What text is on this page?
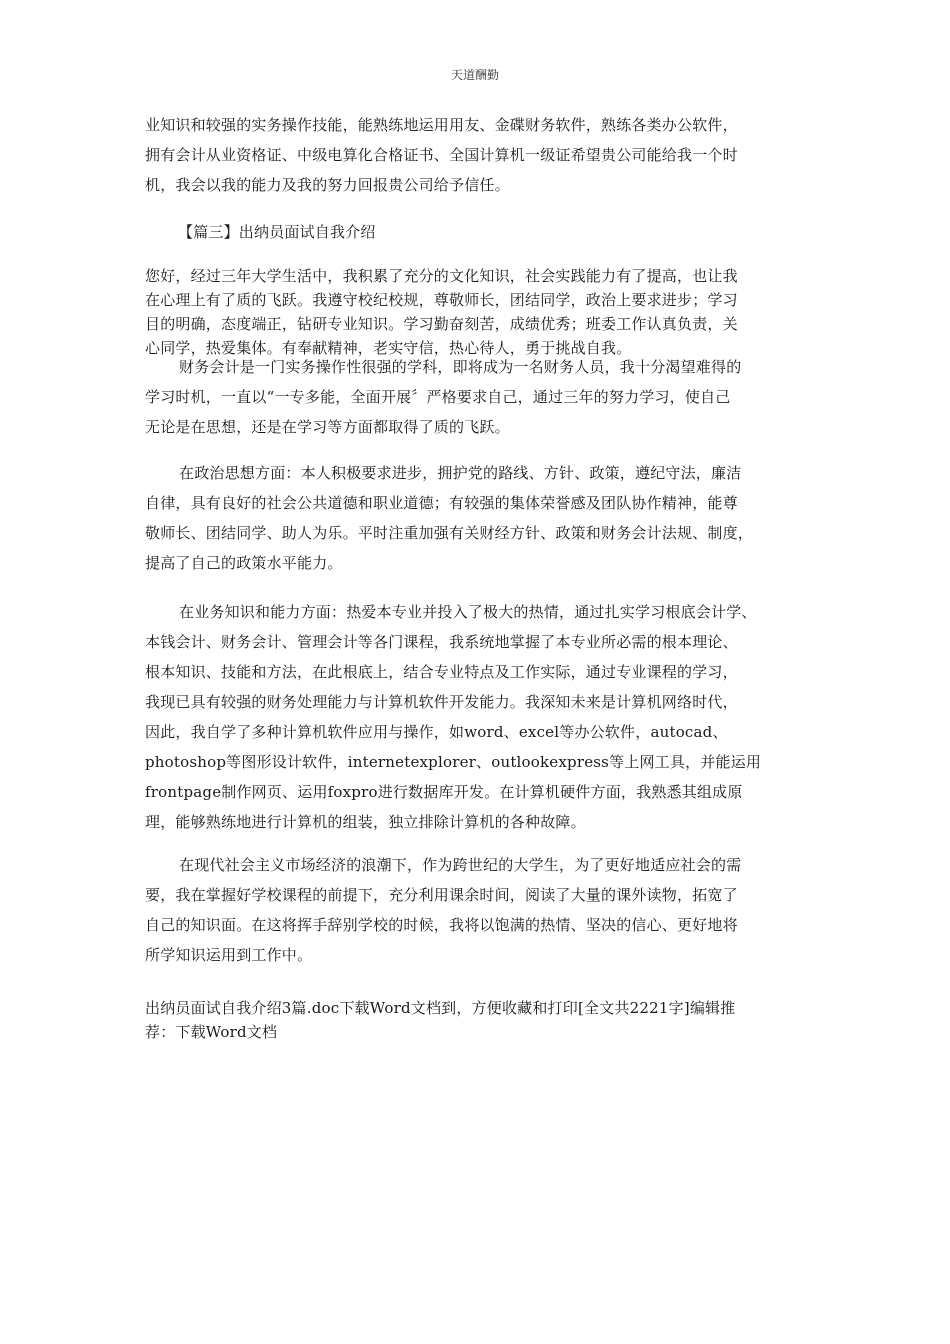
天道酬勤
业知识和较强的实务操作技能，能熟练地运用用友、金碟财务软件，熟练各类办公软件，
拥有会计从业资格证、中级电算化合格证书、全国计算机一级证希望贵公司能给我一个时
机，我会以我的能力及我的努力回报贵公司给予信任。
【篇三】出纳员面试自我介绍
您好，经过三年大学生活中，我积累了充分的文化知识，社会实践能力有了提高，也让我
在心理上有了质的飞跃。我遵守校纪校规，尊敬师长，团结同学，政治上要求进步；学习
目的明确，态度端正，钻研专业知识。学习勤奋刻苦，成绩优秀；班委工作认真负责，关
心同学，热爱集体。有奉献精神，老实守信，热心待人，勇于挑战自我。
财务会计是一门实务操作性很强的学科，即将成为一名财务人员，我十分渴望难得的
学习时机，一直以“一专多能，全面开展〞严格要求自己，通过三年的努力学习，使自己
无论是在思想，还是在学习等方面都取得了质的飞跃。
在政治思想方面：本人积极要求进步，拥护党的路线、方针、政策，遵纪守法，廉洁
自律，具有良好的社会公共道德和职业道德；有较强的集体荣誉感及团队协作精神，能尊
敬师长、团结同学、助人为乐。平时注重加强有关财经方针、政策和财务会计法规、制度，
提高了自己的政策水平能力。
在业务知识和能力方面：热爱本专业并投入了极大的热情，通过扎实学习根底会计学、
本钱会计、财务会计、管理会计等各门课程，我系统地掌握了本专业所必需的根本理论、
根本知识、技能和方法，在此根底上，结合专业特点及工作实际，通过专业课程的学习，
我现已具有较强的财务处理能力与计算机软件开发能力。我深知未来是计算机网络时代，
因此，我自学了多种计算机软件应用与操作，如word、excel等办公软件，autocad、
photoshop等图形设计软件，internetexplorer、outlookexpress等上网工具，并能运用
frontpage制作网页、运用foxpro进行数据库开发。在计算机硬件方面，我熟悉其组成原
理，能够熟练地进行计算机的组装，独立排除计算机的各种故障。
在现代社会主义市场经济的浪潮下，作为跨世纪的大学生，为了更好地适应社会的需
要，我在掌握好学校课程的前提下，充分利用课余时间，阅读了大量的课外读物，拓宽了
自己的知识面。在这将挥手辞别学校的时候，我将以饱满的热情、坚决的信心、更好地将
所学知识运用到工作中。
出纳员面试自我介绍3篇.doc下载Word文档到，方便收藏和打印[全文共2221字]编辑推
荐：下载Word文档
